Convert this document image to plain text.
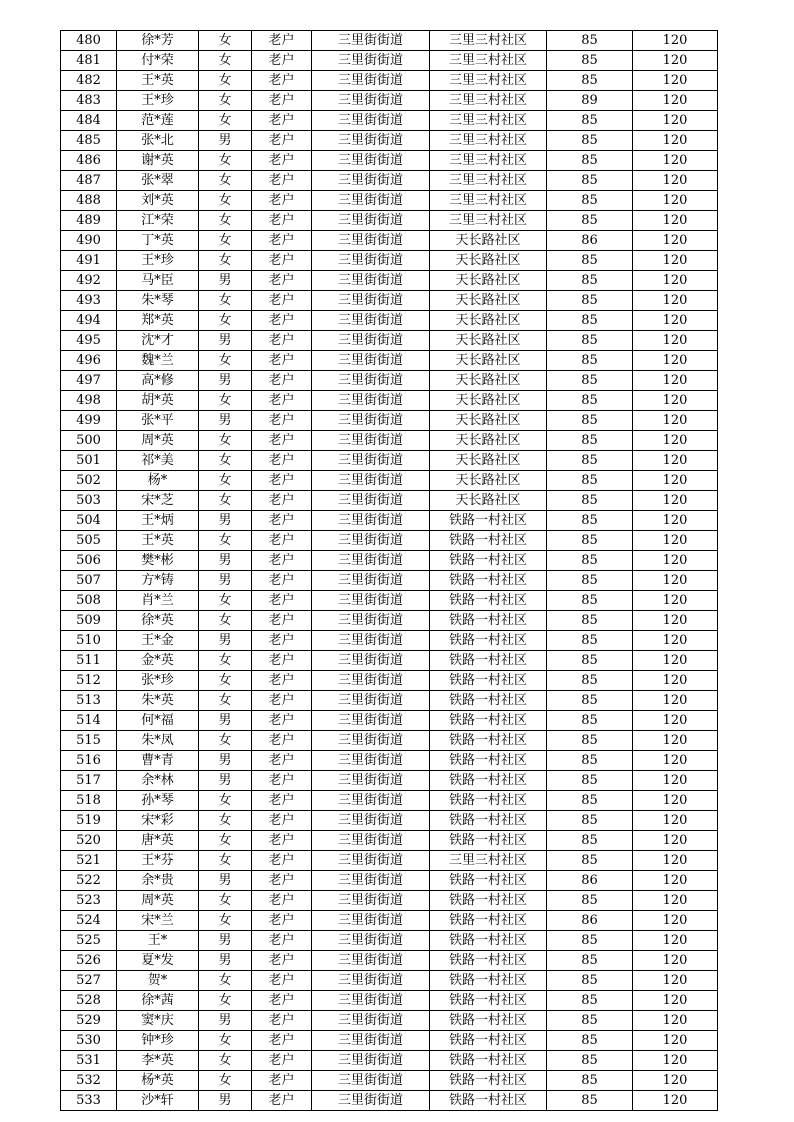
480	徐*芳	女	老户	三里街街道	三里三村社区	85	120
481	付*荣	女	老户	三里街街道	三里三村社区	85	120
482	王*英	女	老户	三里街街道	三里三村社区	85	120
483	王*珍	女	老户	三里街街道	三里三村社区	89	120
484	范*莲	女	老户	三里街街道	三里三村社区	85	120
485	张*北	男	老户	三里街街道	三里三村社区	85	120
486	谢*英	女	老户	三里街街道	三里三村社区	85	120
487	张*翠	女	老户	三里街街道	三里三村社区	85	120
488	刘*英	女	老户	三里街街道	三里三村社区	85	120
489	江*荣	女	老户	三里街街道	三里三村社区	85	120
490	丁*英	女	老户	三里街街道	天长路社区	86	120
491	王*珍	女	老户	三里街街道	天长路社区	85	120
492	马*臣	男	老户	三里街街道	天长路社区	85	120
493	朱*琴	女	老户	三里街街道	天长路社区	85	120
494	郑*英	女	老户	三里街街道	天长路社区	85	120
495	沈*才	男	老户	三里街街道	天长路社区	85	120
496	魏*兰	女	老户	三里街街道	天长路社区	85	120
497	高*修	男	老户	三里街街道	天长路社区	85	120
498	胡*英	女	老户	三里街街道	天长路社区	85	120
499	张*平	男	老户	三里街街道	天长路社区	85	120
500	周*英	女	老户	三里街街道	天长路社区	85	120
501	祁*美	女	老户	三里街街道	天长路社区	85	120
502	杨*	女	老户	三里街街道	天长路社区	85	120
503	宋*芝	女	老户	三里街街道	天长路社区	85	120
504	王*炳	男	老户	三里街街道	铁路一村社区	85	120
505	王*英	女	老户	三里街街道	铁路一村社区	85	120
506	樊*彬	男	老户	三里街街道	铁路一村社区	85	120
507	方*铸	男	老户	三里街街道	铁路一村社区	85	120
508	肖*兰	女	老户	三里街街道	铁路一村社区	85	120
509	徐*英	女	老户	三里街街道	铁路一村社区	85	120
510	王*金	男	老户	三里街街道	铁路一村社区	85	120
511	金*英	女	老户	三里街街道	铁路一村社区	85	120
512	张*珍	女	老户	三里街街道	铁路一村社区	85	120
513	朱*英	女	老户	三里街街道	铁路一村社区	85	120
514	何*福	男	老户	三里街街道	铁路一村社区	85	120
515	朱*凤	女	老户	三里街街道	铁路一村社区	85	120
516	曹*青	男	老户	三里街街道	铁路一村社区	85	120
517	余*林	男	老户	三里街街道	铁路一村社区	85	120
518	孙*琴	女	老户	三里街街道	铁路一村社区	85	120
519	宋*彩	女	老户	三里街街道	铁路一村社区	85	120
520	唐*英	女	老户	三里街街道	铁路一村社区	85	120
521	王*芬	女	老户	三里街街道	三里三村社区	85	120
522	余*贵	男	老户	三里街街道	铁路一村社区	86	120
523	周*英	女	老户	三里街街道	铁路一村社区	85	120
524	宋*兰	女	老户	三里街街道	铁路一村社区	86	120
525	王*	男	老户	三里街街道	铁路一村社区	85	120
526	夏*发	男	老户	三里街街道	铁路一村社区	85	120
527	贺*	女	老户	三里街街道	铁路一村社区	85	120
528	徐*茜	女	老户	三里街街道	铁路一村社区	85	120
529	窦*庆	男	老户	三里街街道	铁路一村社区	85	120
530	钟*珍	女	老户	三里街街道	铁路一村社区	85	120
531	李*英	女	老户	三里街街道	铁路一村社区	85	120
532	杨*英	女	老户	三里街街道	铁路一村社区	85	120
533	沙*轩	男	老户	三里街街道	铁路一村社区	85	120
